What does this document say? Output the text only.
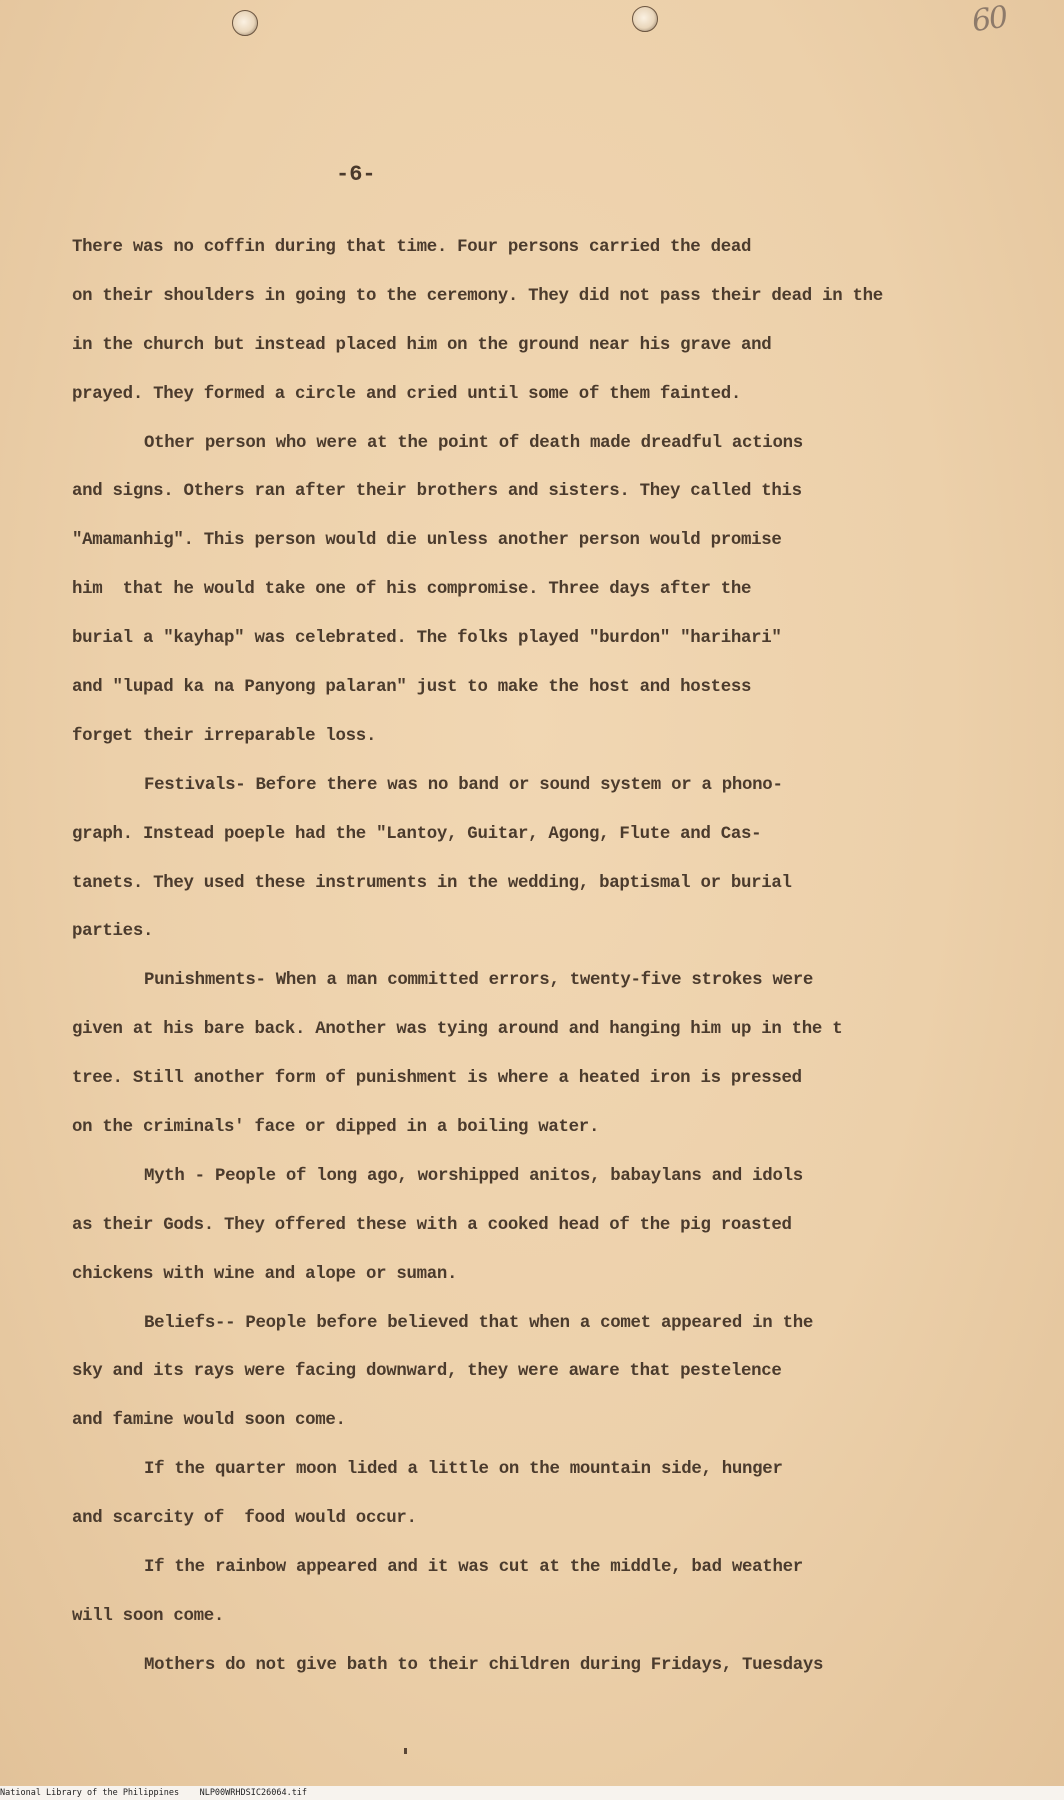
60
-6-
There was no coffin during that time. Four persons carried the dead
on their shoulders in going to the ceremony. They did not pass their dead in the
in the church but instead placed him on the ground near his grave and
prayed. They formed a circle and cried until some of them fainted.
Other person who were at the point of death made dreadful actions
and signs. Others ran after their brothers and sisters. They called this
"Amamanhig". This person would die unless another person would promise
him  that he would take one of his compromise. Three days after the
burial a "kayhap" was celebrated. The folks played "burdon" "harihari"
and "lupad ka na Panyong palaran" just to make the host and hostess
forget their irreparable loss.
Festivals- Before there was no band or sound system or a phono-
graph. Instead poeple had the "Lantoy, Guitar, Agong, Flute and Cas-
tanets. They used these instruments in the wedding, baptismal or burial
parties.
Punishments- When a man committed errors, twenty-five strokes were
given at his bare back. Another was tying around and hanging him up in the t
tree. Still another form of punishment is where a heated iron is pressed
on the criminals' face or dipped in a boiling water.
Myth - People of long ago, worshipped anitos, babaylans and idols
as their Gods. They offered these with a cooked head of the pig roasted
chickens with wine and alope or suman.
Beliefs-- People before believed that when a comet appeared in the
sky and its rays were facing downward, they were aware that pestelence
and famine would soon come.
If the quarter moon lided a little on the mountain side, hunger
and scarcity of  food would occur.
If the rainbow appeared and it was cut at the middle, bad weather
will soon come.
Mothers do not give bath to their children during Fridays, Tuesdays
National Library of the Philippines    NLP00WRHDSIC26064.tif
